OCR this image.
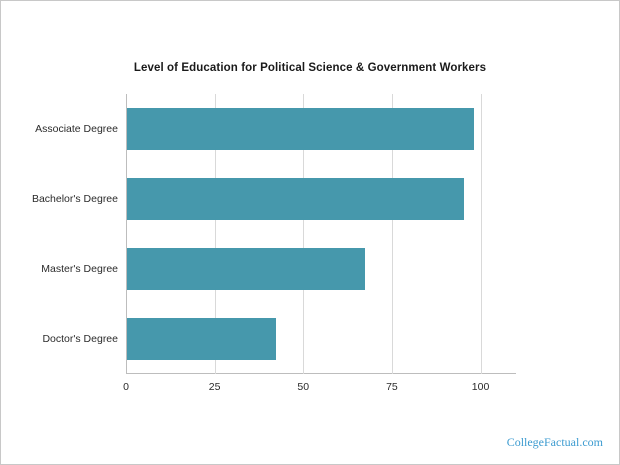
Level of Education for Political Science & Government Workers
Associate Degree
Bachelor's Degree
Master's Degree
Doctor's Degree
0	25	50	75	100
CollegeFactual.com
